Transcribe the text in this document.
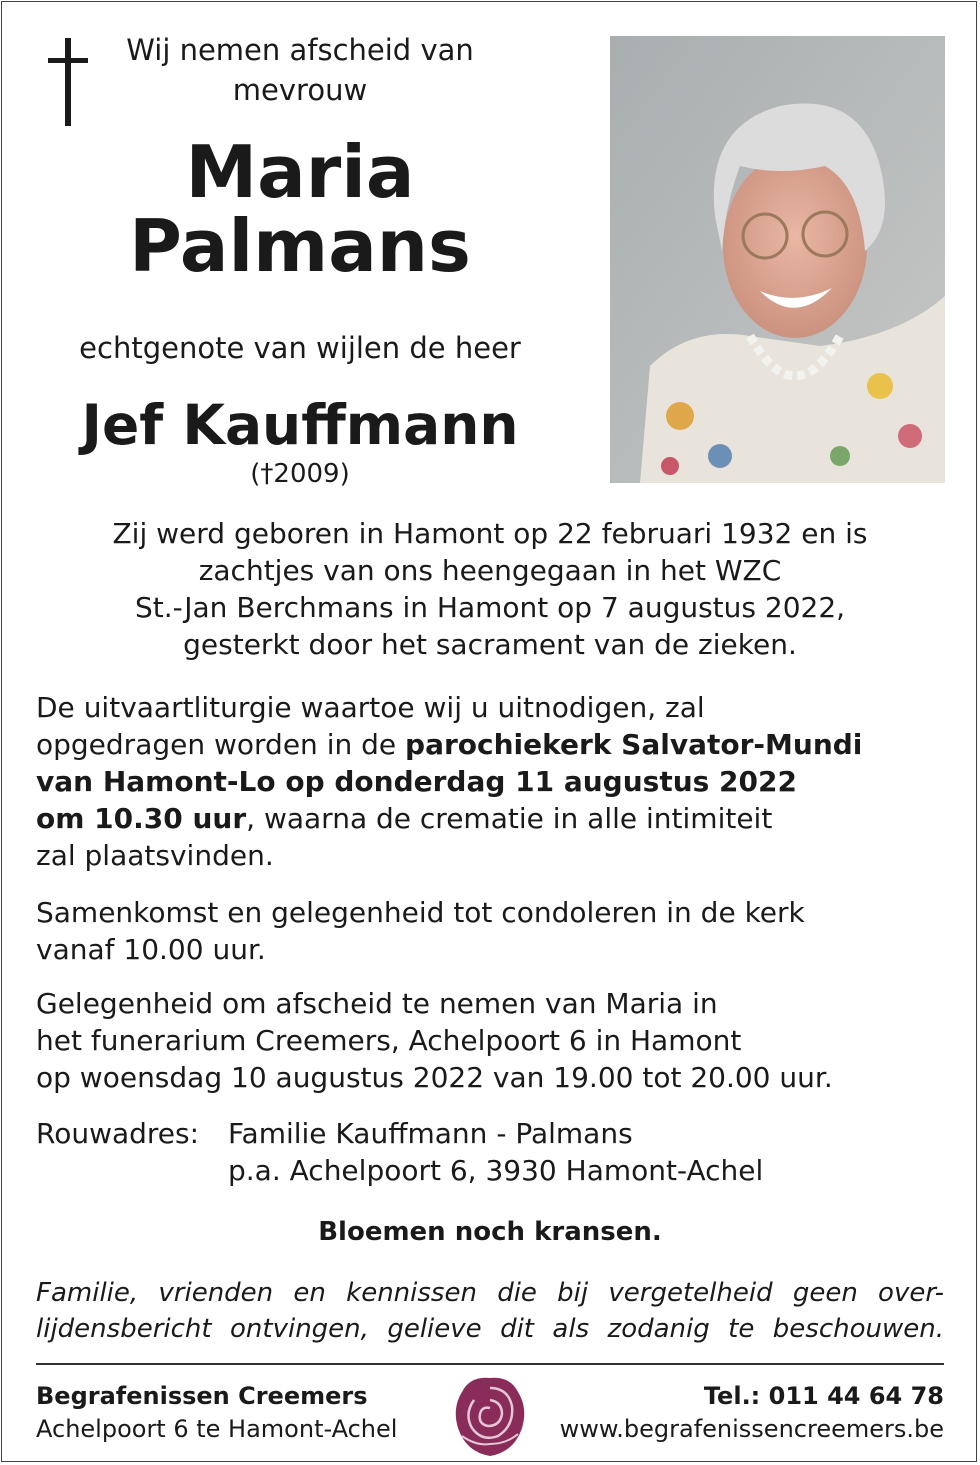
Wij nemen afscheid van
mevrouw
Maria
Palmans
echtgenote van wijlen de heer
Jef Kauffmann
(†2009)
Zij werd geboren in Hamont op 22 februari 1932 en is
zachtjes van ons heengegaan in het WZC
St.-Jan Berchmans in Hamont op 7 augustus 2022,
gesterkt door het sacrament van de zieken.
De uitvaartliturgie waartoe wij u uitnodigen, zal
opgedragen worden in de parochiekerk Salvator-Mundi
van Hamont-Lo op donderdag 11 augustus 2022
om 10.30 uur, waarna de crematie in alle intimiteit
zal plaatsvinden.
Samenkomst en gelegenheid tot condoleren in de kerk
vanaf 10.00 uur.
Gelegenheid om afscheid te nemen van Maria in
het funerarium Creemers, Achelpoort 6 in Hamont
op woensdag 10 augustus 2022 van 19.00 tot 20.00 uur.
Rouwadres: Familie Kauffmann - Palmans
p.a. Achelpoort 6, 3930 Hamont-Achel
Bloemen noch kransen.
Familie, vrienden en kennissen die bij vergetelheid geen over-
lijdensbericht ontvingen, gelieve dit als zodanig te beschouwen.
Begrafenissen Creemers
Achelpoort 6 te Hamont-Achel
Tel.: 011 44 64 78
www.begrafenissencreemers.be
